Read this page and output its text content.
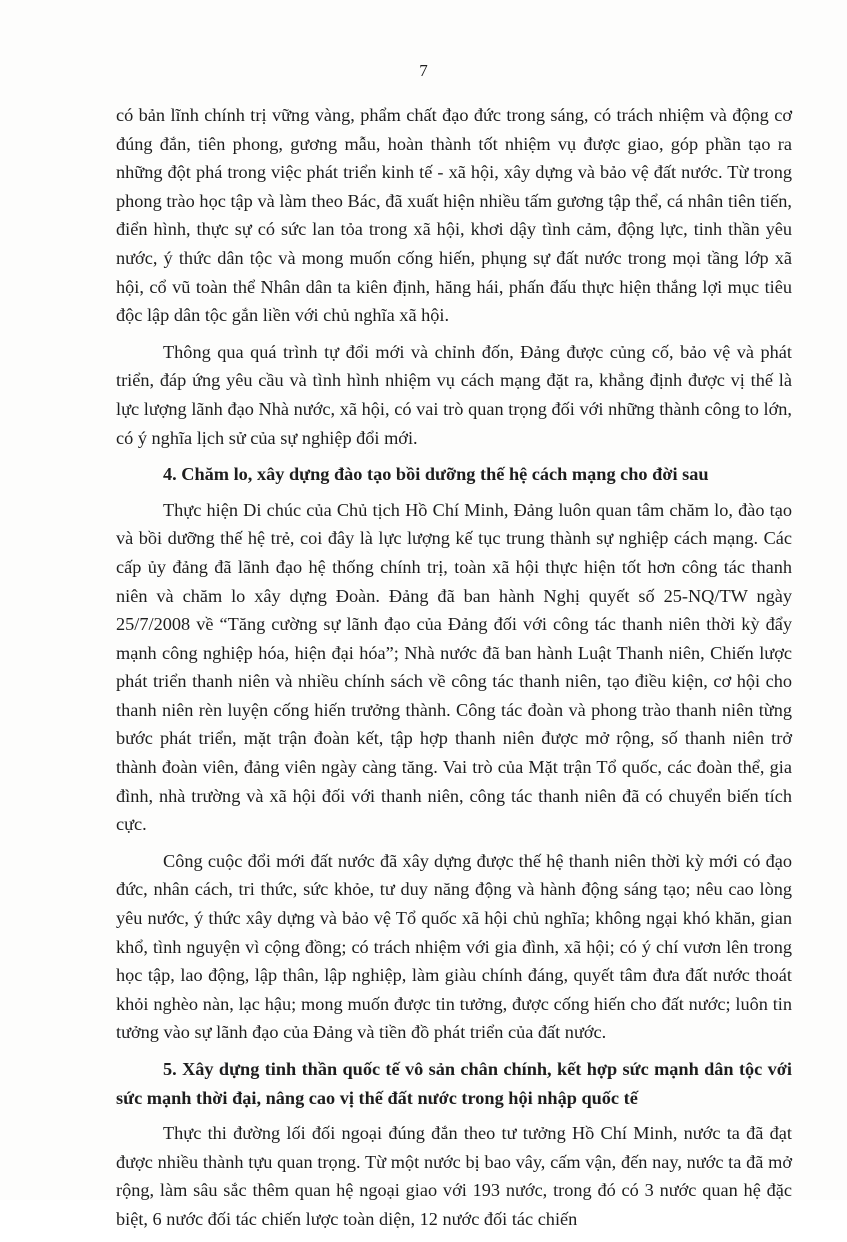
7

có bản lĩnh chính trị vững vàng, phẩm chất đạo đức trong sáng, có trách nhiệm và động cơ đúng đắn, tiên phong, gương mẫu, hoàn thành tốt nhiệm vụ được giao, góp phần tạo ra những đột phá trong việc phát triển kinh tế - xã hội, xây dựng và bảo vệ đất nước. Từ trong phong trào học tập và làm theo Bác, đã xuất hiện nhiều tấm gương tập thể, cá nhân tiên tiến, điển hình, thực sự có sức lan tỏa trong xã hội, khơi dậy tình cảm, động lực, tinh thần yêu nước, ý thức dân tộc và mong muốn cống hiến, phụng sự đất nước trong mọi tầng lớp xã hội, cổ vũ toàn thể Nhân dân ta kiên định, hăng hái, phấn đấu thực hiện thắng lợi mục tiêu độc lập dân tộc gắn liền với chủ nghĩa xã hội.

Thông qua quá trình tự đổi mới và chỉnh đốn, Đảng được củng cố, bảo vệ và phát triển, đáp ứng yêu cầu và tình hình nhiệm vụ cách mạng đặt ra, khẳng định được vị thế là lực lượng lãnh đạo Nhà nước, xã hội, có vai trò quan trọng đối với những thành công to lớn, có ý nghĩa lịch sử của sự nghiệp đổi mới.

4. Chăm lo, xây dựng đào tạo bồi dưỡng thế hệ cách mạng cho đời sau

Thực hiện Di chúc của Chủ tịch Hồ Chí Minh, Đảng luôn quan tâm chăm lo, đào tạo và bồi dưỡng thế hệ trẻ, coi đây là lực lượng kế tục trung thành sự nghiệp cách mạng. Các cấp ủy đảng đã lãnh đạo hệ thống chính trị, toàn xã hội thực hiện tốt hơn công tác thanh niên và chăm lo xây dựng Đoàn. Đảng đã ban hành Nghị quyết số 25-NQ/TW ngày 25/7/2008 về “Tăng cường sự lãnh đạo của Đảng đối với công tác thanh niên thời kỳ đẩy mạnh công nghiệp hóa, hiện đại hóa”; Nhà nước đã ban hành Luật Thanh niên, Chiến lược phát triển thanh niên và nhiều chính sách về công tác thanh niên, tạo điều kiện, cơ hội cho thanh niên rèn luyện cống hiến trưởng thành. Công tác đoàn và phong trào thanh niên từng bước phát triển, mặt trận đoàn kết, tập hợp thanh niên được mở rộng, số thanh niên trở thành đoàn viên, đảng viên ngày càng tăng. Vai trò của Mặt trận Tổ quốc, các đoàn thể, gia đình, nhà trường và xã hội đối với thanh niên, công tác thanh niên đã có chuyển biến tích cực.

Công cuộc đổi mới đất nước đã xây dựng được thế hệ thanh niên thời kỳ mới có đạo đức, nhân cách, tri thức, sức khỏe, tư duy năng động và hành động sáng tạo; nêu cao lòng yêu nước, ý thức xây dựng và bảo vệ Tổ quốc xã hội chủ nghĩa; không ngại khó khăn, gian khổ, tình nguyện vì cộng đồng; có trách nhiệm với gia đình, xã hội; có ý chí vươn lên trong học tập, lao động, lập thân, lập nghiệp, làm giàu chính đáng, quyết tâm đưa đất nước thoát khỏi nghèo nàn, lạc hậu; mong muốn được tin tưởng, được cống hiến cho đất nước; luôn tin tưởng vào sự lãnh đạo của Đảng và tiền đồ phát triển của đất nước.

5. Xây dựng tinh thần quốc tế vô sản chân chính, kết hợp sức mạnh dân tộc với sức mạnh thời đại, nâng cao vị thế đất nước trong hội nhập quốc tế

Thực thi đường lối đối ngoại đúng đắn theo tư tưởng Hồ Chí Minh, nước ta đã đạt được nhiều thành tựu quan trọng. Từ một nước bị bao vây, cấm vận, đến nay, nước ta đã mở rộng, làm sâu sắc thêm quan hệ ngoại giao với 193 nước, trong đó có 3 nước quan hệ đặc biệt, 6 nước đối tác chiến lược toàn diện, 12 nước đối tác chiến
